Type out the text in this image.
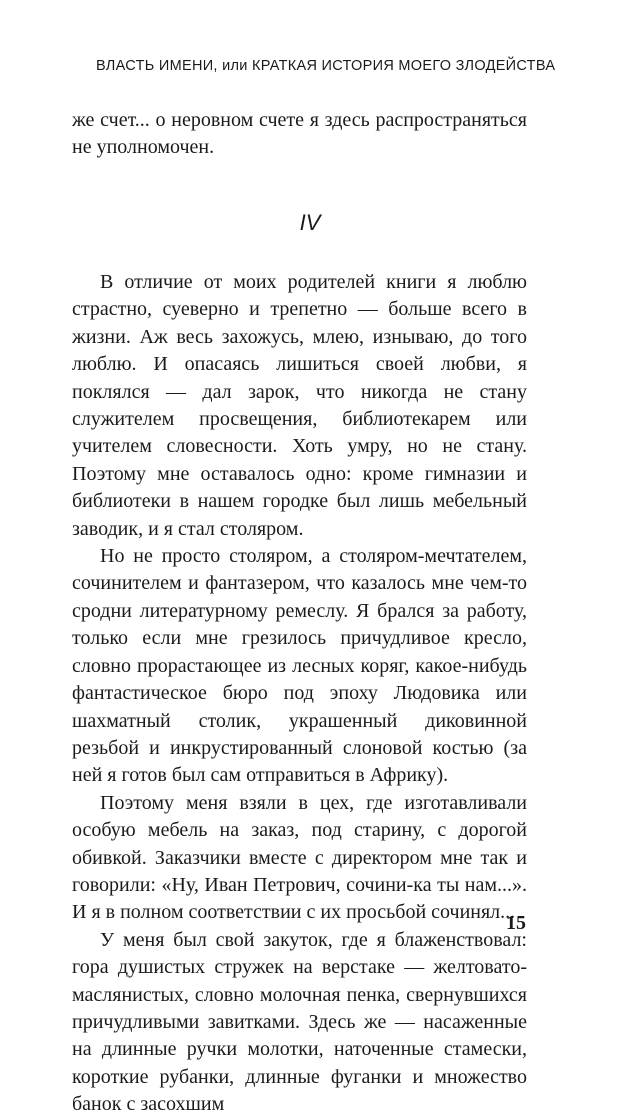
ВЛАСТЬ ИМЕНИ, или КРАТКАЯ ИСТОРИЯ МОЕГО ЗЛОДЕЙСТВА

же счет... о неровном счете я здесь распространяться не уполномочен.

IV

В отличие от моих родителей книги я люблю страстно, суеверно и трепетно — больше всего в жизни. Аж весь захожусь, млею, изнываю, до того люблю. И опасаясь лишиться своей любви, я поклялся — дал зарок, что никогда не стану служителем просвещения, библиотекарем или учителем словесности. Хоть умру, но не стану. Поэтому мне оставалось одно: кроме гимназии и библиотеки в нашем городке был лишь мебельный заводик, и я стал столяром.

Но не просто столяром, а столяром-мечтателем, сочинителем и фантазером, что казалось мне чем-то сродни литературному ремеслу. Я брался за работу, только если мне грезилось причудливое кресло, словно прорастающее из лесных коряг, какое-нибудь фантастическое бюро под эпоху Людовика или шахматный столик, украшенный диковинной резьбой и инкрустированный слоновой костью (за ней я готов был сам отправиться в Африку).

Поэтому меня взяли в цех, где изготавливали особую мебель на заказ, под старину, с дорогой обивкой. Заказчики вместе с директором мне так и говорили: «Ну, Иван Петрович, сочини-ка ты нам...». И я в полном соответствии с их просьбой сочинял...

У меня был свой закуток, где я блаженствовал: гора душистых стружек на верстаке — желтовато-маслянистых, словно молочная пенка, свернувшихся причудливыми завитками. Здесь же — насаженные на длинные ручки молотки, наточенные стамески, короткие рубанки, длинные фуганки и множество банок с засохшим

15
